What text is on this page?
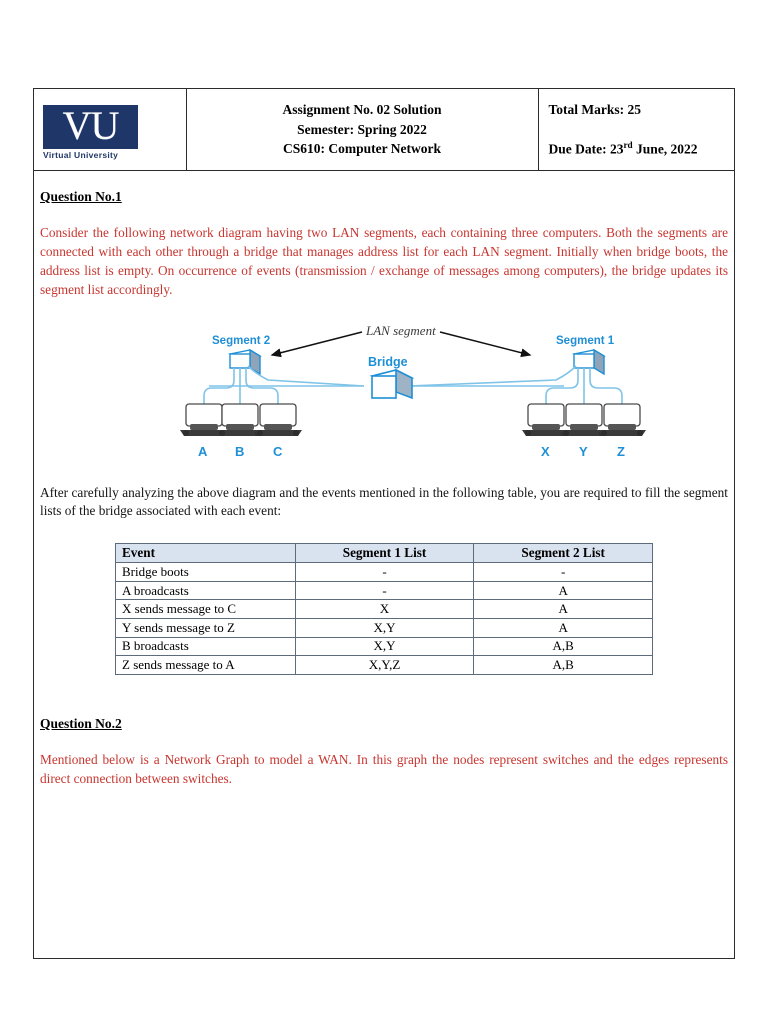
VU
Virtual University

Assignment No. 02 Solution
Semester: Spring 2022
CS610: Computer Network

Total Marks: 25
Due Date: 23rd June, 2022
Question No.1

Consider the following network diagram having two LAN segments, each containing three computers. Both the segments are connected with each other through a bridge that manages address list for each LAN segment. Initially when bridge boots, the address list is empty. On occurrence of events (transmission / exchange of messages among computers), the bridge updates its segment list accordingly.

Segment 2	Segment 1
LAN segment
Bridge
A B C	X Y Z

After carefully analyzing the above diagram and the events mentioned in the following table, you are required to fill the segment lists of the bridge associated with each event:

Event	Segment 1 List	Segment 2 List
Bridge boots	-	-
A broadcasts	-	A
X sends message to C	X	A
Y sends message to Z	X,Y	A
B broadcasts	X,Y	A,B
Z sends message to A	X,Y,Z	A,B
Question No.2

Mentioned below is a Network Graph to model a WAN. In this graph the nodes represent switches and the edges represents direct connection between switches.
